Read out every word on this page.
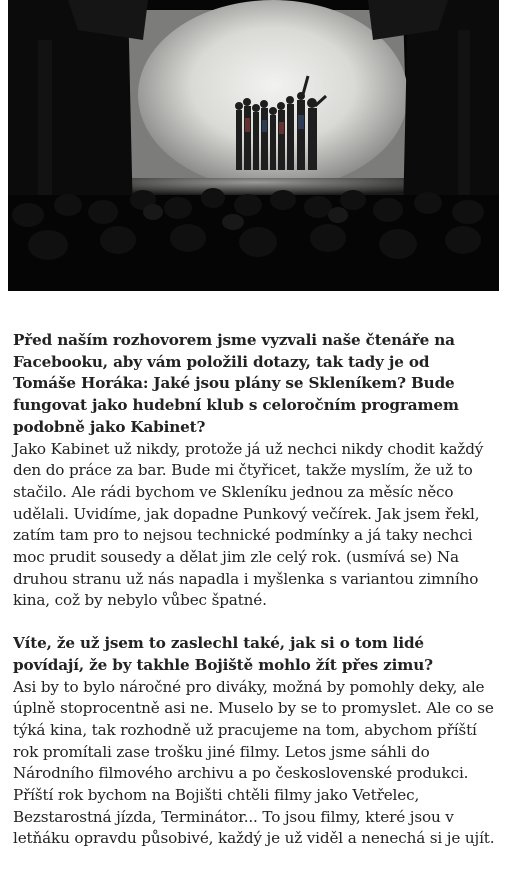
Před naším rozhovorem jsme vyzvali naše čtenáře na Facebooku, aby vám položili dotazy, tak tady je od Tomáše Horáka: Jaké jsou plány se Skleníkem? Bude fungovat jako hudební klub s celoročním programem podobně jako Kabinet?

Jako Kabinet už nikdy, protože já už nechci nikdy chodit každý den do práce za bar. Bude mi čtyřicet, takže myslím, že už to stačilo. Ale rádi bychom ve Skleníku jednou za měsíc něco udělali. Uvidíme, jak dopadne Punkový večírek. Jak jsem řekl, zatím tam pro to nejsou technické podmínky a já taky nechci moc prudit sousedy a dělat jim zle celý rok. (usmívá se) Na druhou stranu už nás napadla i myšlenka s variantou zimního kina, což by nebylo vůbec špatné.

Víte, že už jsem to zaslechl také, jak si o tom lidé povídají, že by takhle Bojiště mohlo žít přes zimu?

Asi by to bylo náročné pro diváky, možná by pomohly deky, ale úplně stoprocentně asi ne. Muselo by se to promyslet. Ale co se týká kina, tak rozhodně už pracujeme na tom, abychom příští rok promítali zase trošku jiné filmy. Letos jsme sáhli do Národního filmového archivu a po československé produkci. Příští rok bychom na Bojišti chtěli filmy jako Vetřelec, Bezstarostná jízda, Terminátor... To jsou filmy, které jsou v letňáku opravdu působivé, každý je už viděl a nenechá si je ujít.
